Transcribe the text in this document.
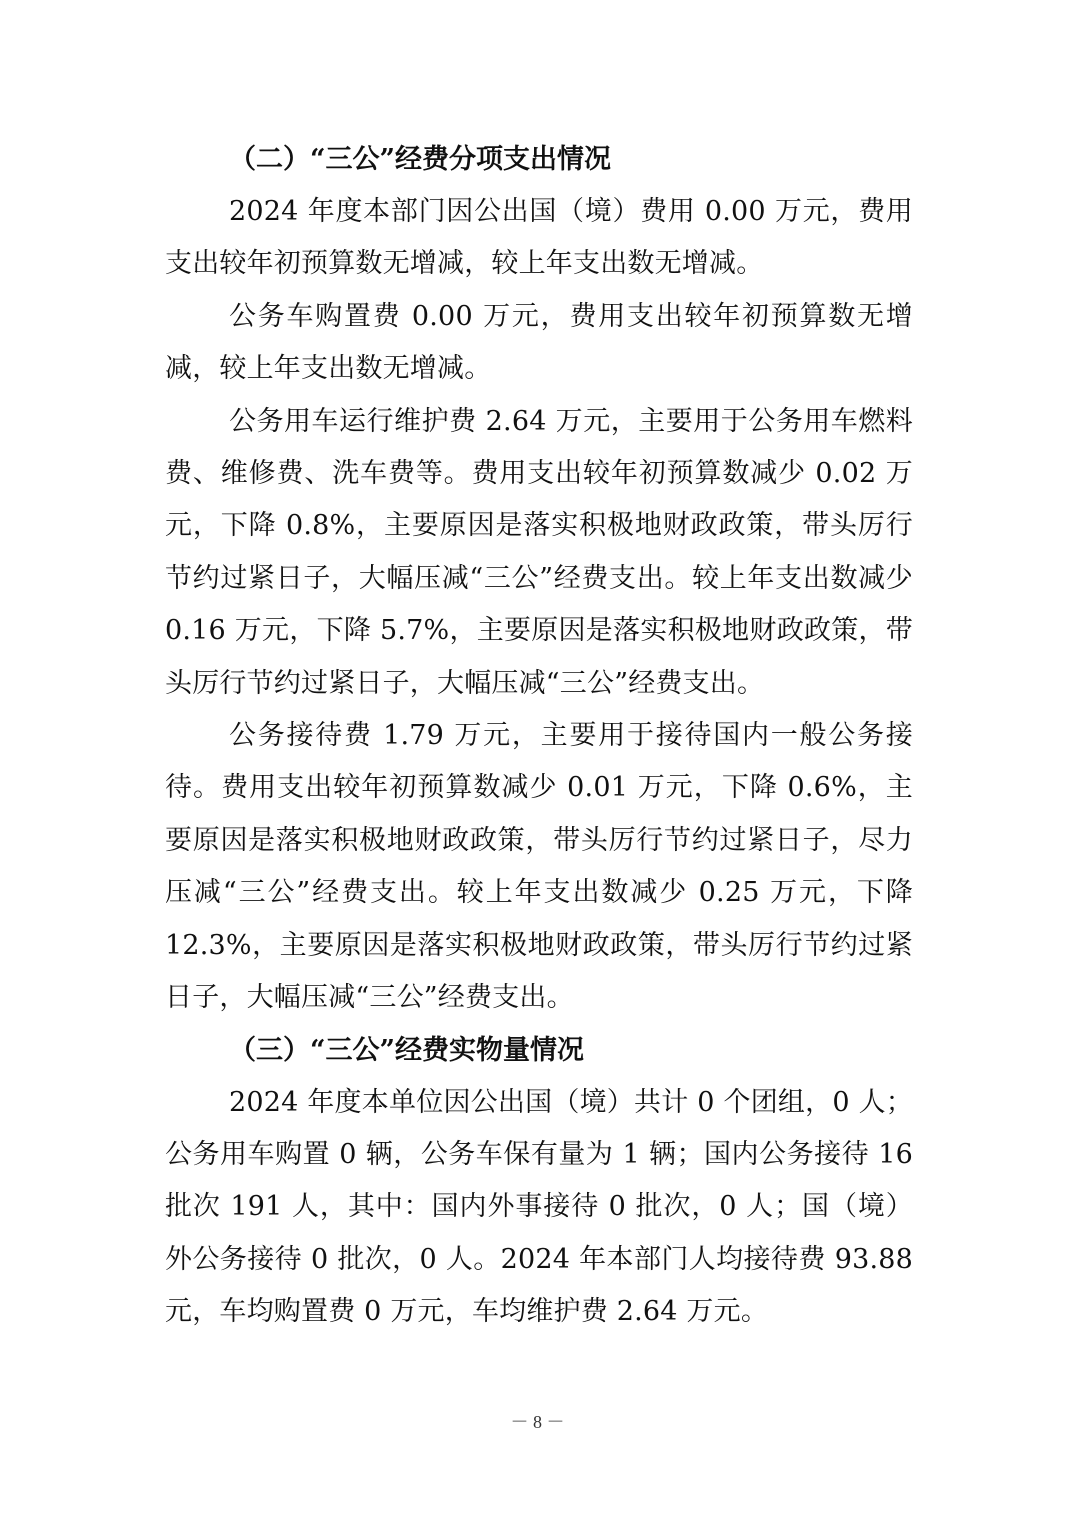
（二）“三公”经费分项支出情况

2024 年度本部门因公出国（境）费用 0.00 万元，费用支出较年初预算数无增减，较上年支出数无增减。

公务车购置费 0.00 万元，费用支出较年初预算数无增减，较上年支出数无增减。

公务用车运行维护费 2.64 万元，主要用于公务用车燃料费、维修费、洗车费等。费用支出较年初预算数减少 0.02 万元，下降 0.8%，主要原因是落实积极地财政政策，带头厉行节约过紧日子，大幅压减“三公”经费支出。较上年支出数减少 0.16 万元，下降 5.7%，主要原因是落实积极地财政政策，带头厉行节约过紧日子，大幅压减“三公”经费支出。

公务接待费 1.79 万元，主要用于接待国内一般公务接待。费用支出较年初预算数减少 0.01 万元，下降 0.6%，主要原因是落实积极地财政政策，带头厉行节约过紧日子，尽力压减“三公”经费支出。较上年支出数减少 0.25 万元，下降 12.3%，主要原因是落实积极地财政政策，带头厉行节约过紧日子，大幅压减“三公”经费支出。

（三）“三公”经费实物量情况

2024 年度本单位因公出国（境）共计 0 个团组，0 人；公务用车购置 0 辆，公务车保有量为 1 辆；国内公务接待 16 批次 191 人，其中：国内外事接待 0 批次，0 人；国（境）外公务接待 0 批次，0 人。2024 年本部门人均接待费 93.88 元，车均购置费 0 万元，车均维护费 2.64 万元。

－ 8 －
